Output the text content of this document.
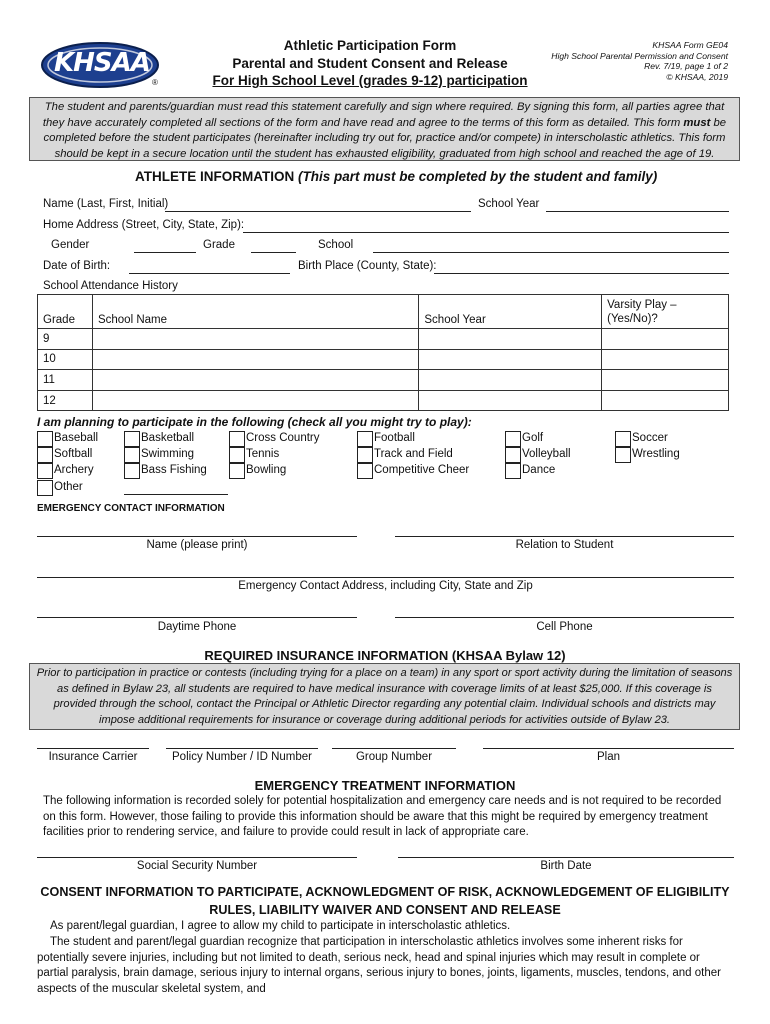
KHSAA
®
Athletic Participation Form
Parental and Student Consent and Release
For High School Level (grades 9-12) participation
KHSAA Form GE04
High School Parental Permission and Consent
Rev. 7/19, page 1 of 2
© KHSAA, 2019

The student and parents/guardian must read this statement carefully and sign where required. By signing this form, all parties agree that they have accurately completed all sections of the form and have read and agree to the terms of this form as detailed. This form must be completed before the student participates (hereinafter including try out for, practice and/or compete) in interscholastic athletics. This form should be kept in a secure location until the student has exhausted eligibility, graduated from high school and reached the age of 19.

ATHLETE INFORMATION (This part must be completed by the student and family)
Name (Last, First, Initial)	School Year
Home Address (Street, City, State, Zip):
Gender	Grade	School
Date of Birth:	Birth Place (County, State):
School Attendance History
Grade	School Name	School Year	Varsity Play –
(Yes/No)?
9			
10			
11			
12			
I am planning to participate in the following (check all you might try to play):
Baseball
Softball
Archery
Other
Basketball
Swimming
Bass Fishing
Cross Country
Tennis
Bowling
Football
Track and Field
Competitive Cheer
Golf
Volleyball
Dance
Soccer
Wrestling
EMERGENCY CONTACT INFORMATION
Name (please print)	Relation to Student
Emergency Contact Address, including City, State and Zip
Daytime Phone	Cell Phone
REQUIRED INSURANCE INFORMATION (KHSAA Bylaw 12)

Prior to participation in practice or contests (including trying for a place on a team) in any sport or sport activity during the limitation of seasons as defined in Bylaw 23, all students are required to have medical insurance with coverage limits of at least $25,000. If this coverage is provided through the school, contact the Principal or Athletic Director regarding any potential claim. Individual schools and districts may impose additional requirements for insurance or coverage during additional periods for activities outside of Bylaw 23.

Insurance Carrier	Policy Number / ID Number	Group Number	Plan
EMERGENCY TREATMENT INFORMATION
The following information is recorded solely for potential hospitalization and emergency care needs and is not required to be recorded on this form. However, those failing to provide this information should be aware that this might be required by emergency treatment facilities prior to rendering service, and failure to provide could result in lack of appropriate care.
Social Security Number	Birth Date
CONSENT INFORMATION TO PARTICIPATE, ACKNOWLEDGMENT OF RISK, ACKNOWLEDGEMENT OF ELIGIBILITY
RULES, LIABILITY WAIVER AND CONSENT AND RELEASE
As parent/legal guardian, I agree to allow my child to participate in interscholastic athletics.
The student and parent/legal guardian recognize that participation in interscholastic athletics involves some inherent risks for potentially severe injuries, including but not limited to death, serious neck, head and spinal injuries which may result in complete or partial paralysis, brain damage, serious injury to internal organs, serious injury to bones, joints, ligaments, muscles, tendons, and other aspects of the muscular skeletal system, and
